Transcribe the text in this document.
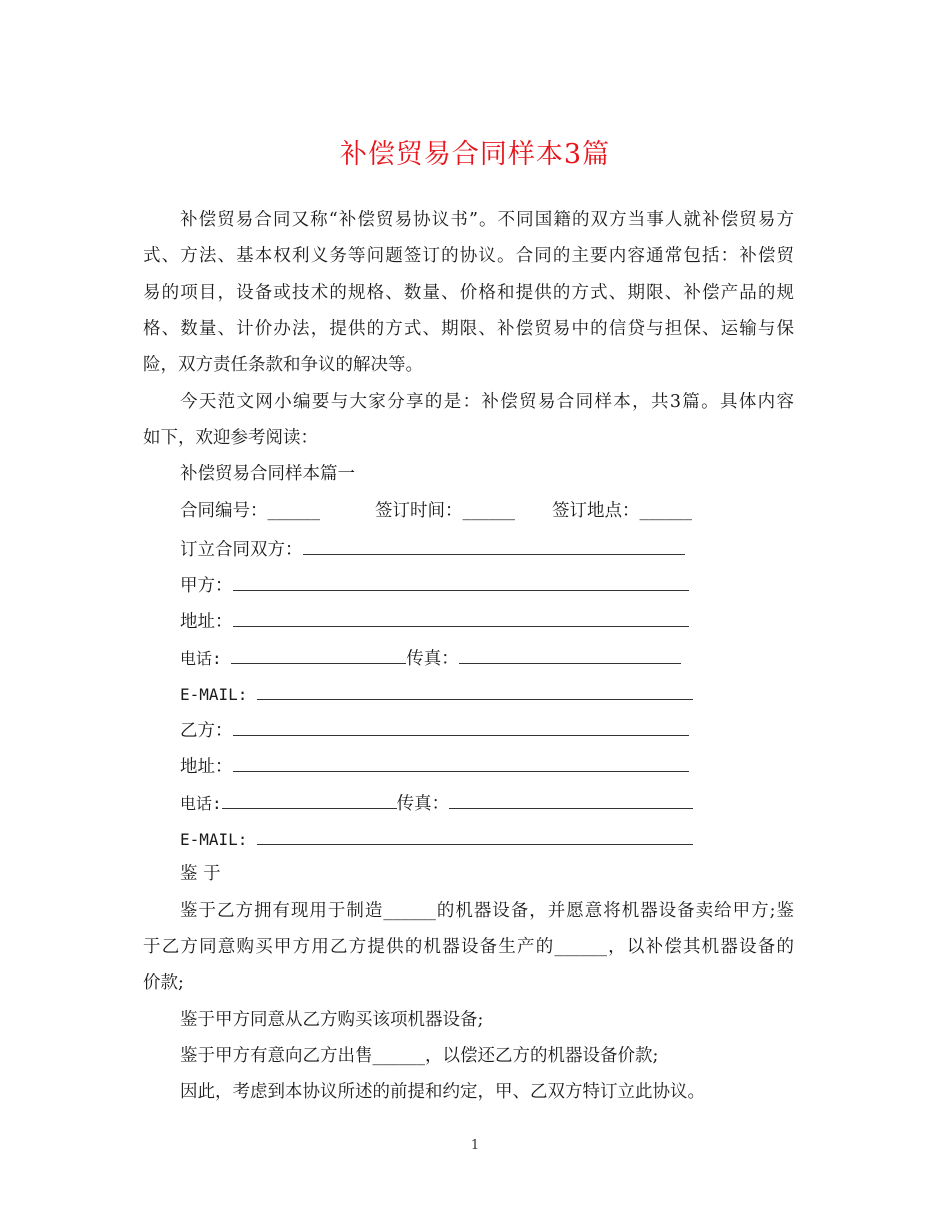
补偿贸易合同样本3篇
补偿贸易合同又称“补偿贸易协议书”。不同国籍的双方当事人就补偿贸易方
式、方法、基本权利义务等问题签订的协议。合同的主要内容通常包括：补偿贸
易的项目，设备或技术的规格、数量、价格和提供的方式、期限、补偿产品的规
格、数量、计价办法，提供的方式、期限、补偿贸易中的信贷与担保、运输与保
险，双方责任条款和争议的解决等。
今天范文网小编要与大家分享的是：补偿贸易合同样本，共3篇。具体内容
如下，欢迎参考阅读：
补偿贸易合同样本篇一
合同编号：______	签订时间：______ 签订地点：______
订立合同双方：
甲方：
地址：
电话:	传真：
E-MAIL:
乙方：
地址：
电话:	传真：
E-MAIL:
鉴 于
鉴于乙方拥有现用于制造______的机器设备，并愿意将机器设备卖给甲方;鉴
于乙方同意购买甲方用乙方提供的机器设备生产的______，以补偿其机器设备的
价款;
鉴于甲方同意从乙方购买该项机器设备;
鉴于甲方有意向乙方出售______，以偿还乙方的机器设备价款;
因此，考虑到本协议所述的前提和约定，甲、乙双方特订立此协议。
1
